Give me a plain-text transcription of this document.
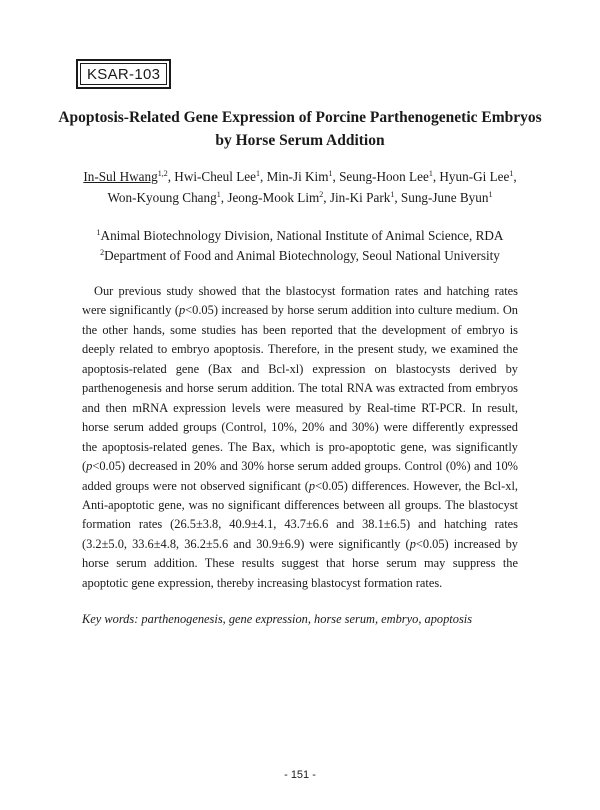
KSAR-103
Apoptosis-Related Gene Expression of Porcine Parthenogenetic Embryos
by Horse Serum Addition
In-Sul Hwang$^{1,2}$, Hwi-Cheul Lee$^1$, Min-Ji Kim$^1$, Seung-Hoon Lee$^1$, Hyun-Gi Lee$^1$,
Won-Kyoung Chang$^1$, Jeong-Mook Lim$^2$, Jin-Ki Park$^1$, Sung-June Byun$^1$
$^1$Animal Biotechnology Division, National Institute of Animal Science, RDA
$^2$Department of Food and Animal Biotechnology, Seoul National University
Our previous study showed that the blastocyst formation rates and hatching rates were significantly (p<0.05) increased by horse serum addition into culture medium. On the other hands, some studies has been reported that the development of embryo is deeply related to embryo apoptosis. Therefore, in the present study, we examined the apoptosis-related gene (Bax and Bcl-xl) expression on blastocysts derived by parthenogenesis and horse serum addition. The total RNA was extracted from embryos and then mRNA expression levels were measured by Real-time RT-PCR. In result, horse serum added groups (Control, 10%, 20% and 30%) were differently expressed the apoptosis-related genes. The Bax, which is pro-apoptotic gene, was significantly (p<0.05) decreased in 20% and 30% horse serum added groups. Control (0%) and 10% added groups were not observed significant (p<0.05) differences. However, the Bcl-xl, Anti-apoptotic gene, was no significant differences between all groups. The blastocyst formation rates (26.5±3.8, 40.9±4.1, 43.7±6.6 and 38.1±6.5) and hatching rates (3.2±5.0, 33.6±4.8, 36.2±5.6 and 30.9±6.9) were significantly (p<0.05) increased by horse serum addition. These results suggest that horse serum may suppress the apoptotic gene expression, thereby increasing blastocyst formation rates.
Key words: parthenogenesis, gene expression, horse serum, embryo, apoptosis
- 151 -
